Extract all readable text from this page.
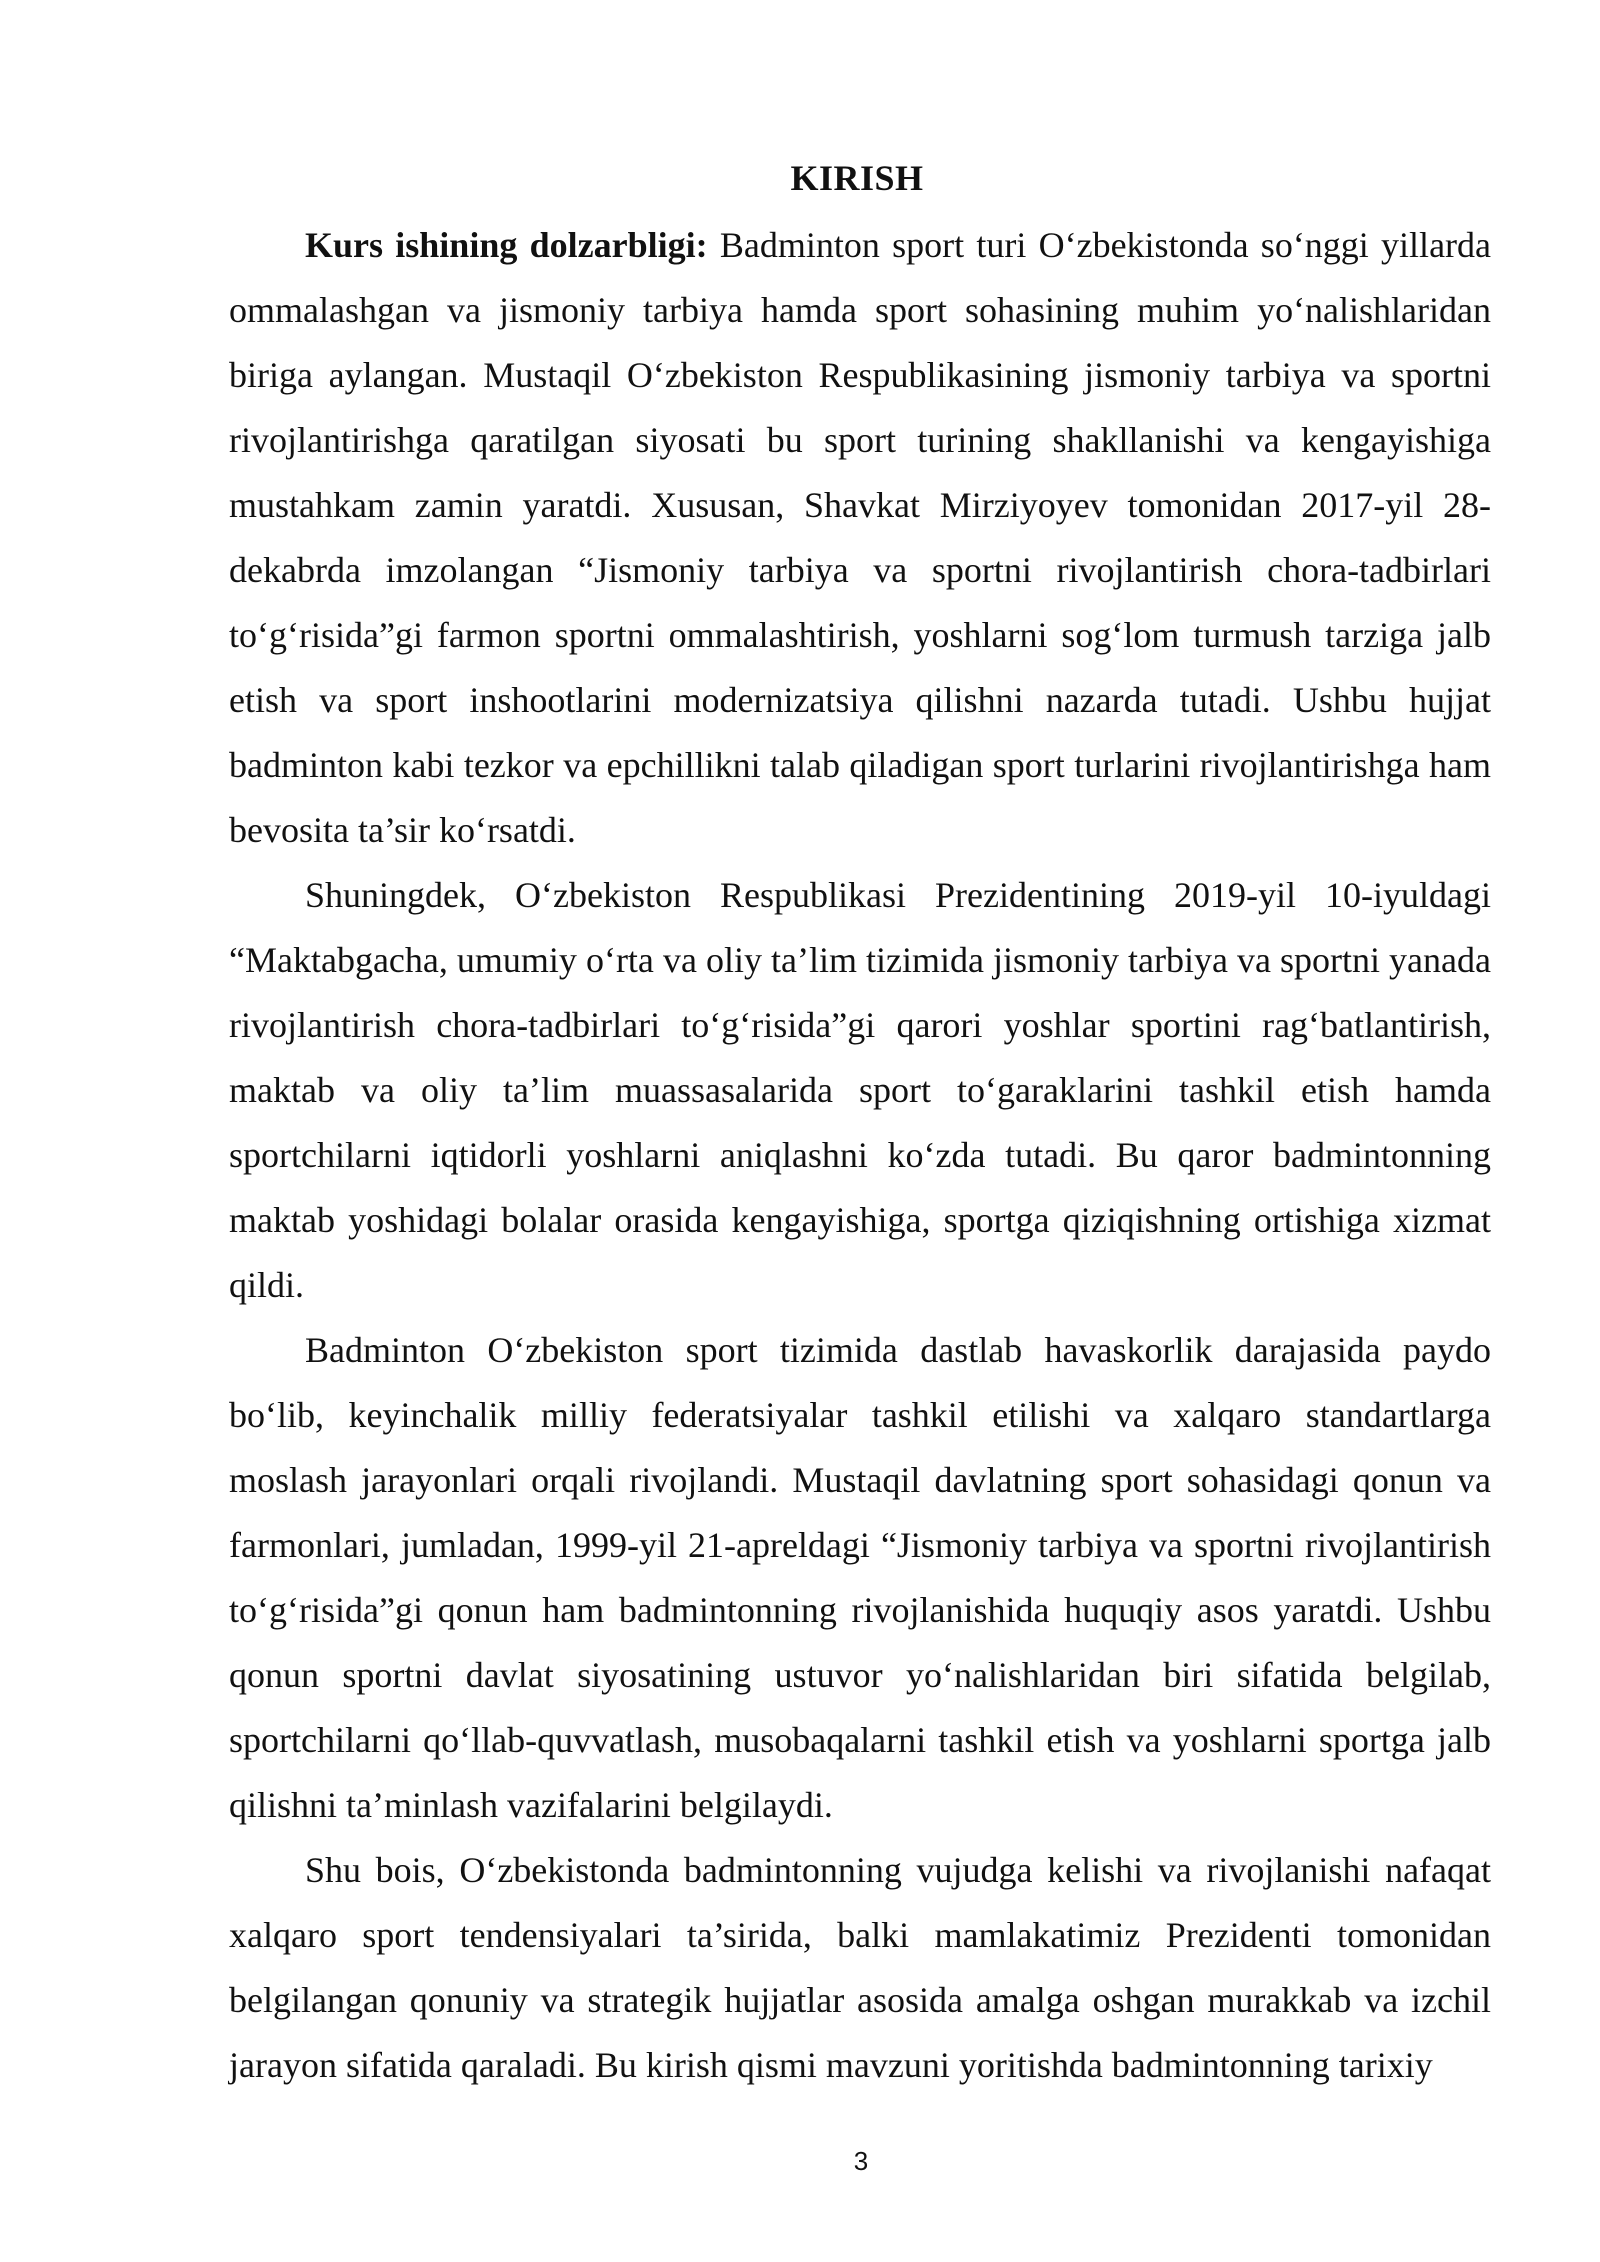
KIRISH

Kurs ishining dolzarbligi: Badminton sport turi O‘zbekistonda so‘nggi yillarda ommalashgan va jismoniy tarbiya hamda sport sohasining muhim yo‘nalishlaridan biriga aylangan. Mustaqil O‘zbekiston Respublikasining jismoniy tarbiya va sportni rivojlantirishga qaratilgan siyosati bu sport turining shakllanishi va kengayishiga mustahkam zamin yaratdi. Xususan, Shavkat Mirziyoyev tomonidan 2017-yil 28-dekabrda imzolangan “Jismoniy tarbiya va sportni rivojlantirish chora-tadbirlari to‘g‘risida”gi farmon sportni ommalashtirish, yoshlarni sog‘lom turmush tarziga jalb etish va sport inshootlarini modernizatsiya qilishni nazarda tutadi. Ushbu hujjat badminton kabi tezkor va epchillikni talab qiladigan sport turlarini rivojlantirishga ham bevosita ta’sir ko‘rsatdi.

Shuningdek, O‘zbekiston Respublikasi Prezidentining 2019-yil 10-iyuldagi “Maktabgacha, umumiy o‘rta va oliy ta’lim tizimida jismoniy tarbiya va sportni yanada rivojlantirish chora-tadbirlari to‘g‘risida”gi qarori yoshlar sportini rag‘batlantirish, maktab va oliy ta’lim muassasalarida sport to‘garaklarini tashkil etish hamda sportchilarni iqtidorli yoshlarni aniqlashni ko‘zda tutadi. Bu qaror badmintonning maktab yoshidagi bolalar orasida kengayishiga, sportga qiziqishning ortishiga xizmat qildi.

Badminton O‘zbekiston sport tizimida dastlab havaskorlik darajasida paydo bo‘lib, keyinchalik milliy federatsiyalar tashkil etilishi va xalqaro standartlarga moslash jarayonlari orqali rivojlandi. Mustaqil davlatning sport sohasidagi qonun va farmonlari, jumladan, 1999-yil 21-apreldagi “Jismoniy tarbiya va sportni rivojlantirish to‘g‘risida”gi qonun ham badmintonning rivojlanishida huquqiy asos yaratdi. Ushbu qonun sportni davlat siyosatining ustuvor yo‘nalishlaridan biri sifatida belgilab, sportchilarni qo‘llab-quvvatlash, musobaqalarni tashkil etish va yoshlarni sportga jalb qilishni ta’minlash vazifalarini belgilaydi.

Shu bois, O‘zbekistonda badmintonning vujudga kelishi va rivojlanishi nafaqat xalqaro sport tendensiyalari ta’sirida, balki mamlakatimiz Prezidenti tomonidan belgilangan qonuniy va strategik hujjatlar asosida amalga oshgan murakkab va izchil jarayon sifatida qaraladi. Bu kirish qismi mavzuni yoritishda badmintonning tarixiy

3
